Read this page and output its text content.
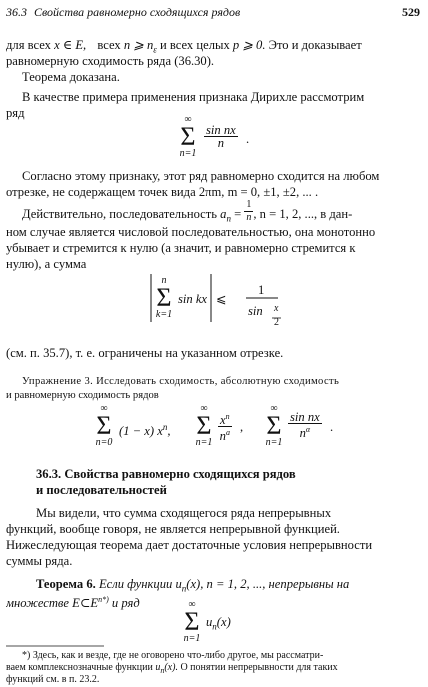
36.3 Свойства равномерно сходящихся рядов	529
для всех x ∈ E, всех n ⩾ $n_\varepsilon$ и всех целых p ⩾ 0. Это и доказывает
равномерную сходимость ряда (36.30).
Теорема доказана.
В качестве примера применения признака Дирихле рассмотрим
ряд	∞
Σ
n=1
$\frac{\text{sin nx}}{n}$ .
Согласно этому признаку, этот ряд равномерно сходится на любом
отрезке, не содержащем точек вида 2πm, m = 0, ±1, ±2, ... .
Действительно, последовательность $a_n = \frac{1}{n}$ , n = 1, 2, ..., в дан-
ном случае является числовой последовательностью, она монотонно
убывает и стремится к нулю (а значит, и равномерно стремится к
нулю), а сумма
n
Σ
k=1
sin kx ⩽
1
sin x
2
(см. п. 35.7), т. е. ограничены на указанном отрезке.
Упражнение 3. Исследовать сходимость, абсолютную сходимость
и равномерную сходимость рядов
∞
Σ
n=0
(1 − x) $x^n$,
∞
Σ
n=1
$\frac{x^n}{n^a}$ ,
∞
Σ
n=1
$\frac{\text{sin nx}}{n^\alpha}$ .
36.3. Свойства равномерно сходящихся рядов
и последовательностей
Мы видели, что сумма сходящегося ряда непрерывных
функций, вообще говоря, не является непрерывной функцией.
Нижеследующая теорема дает достаточные условия непрерывности
суммы ряда.
Теорема 6. Если функции $u_n(x)$, n = 1, 2, ..., непрерывны на
множестве $E\subset E^{n*)}$ и ряд	∞
Σ
n=1
$u_n(x)$
*) Здесь, как и везде, где не оговорено что-либо другое, мы рассматри-
ваем комплекснозначные функции $u_n(x)$. О понятии непрерывности для таких
функций см. в п. 23.2.
